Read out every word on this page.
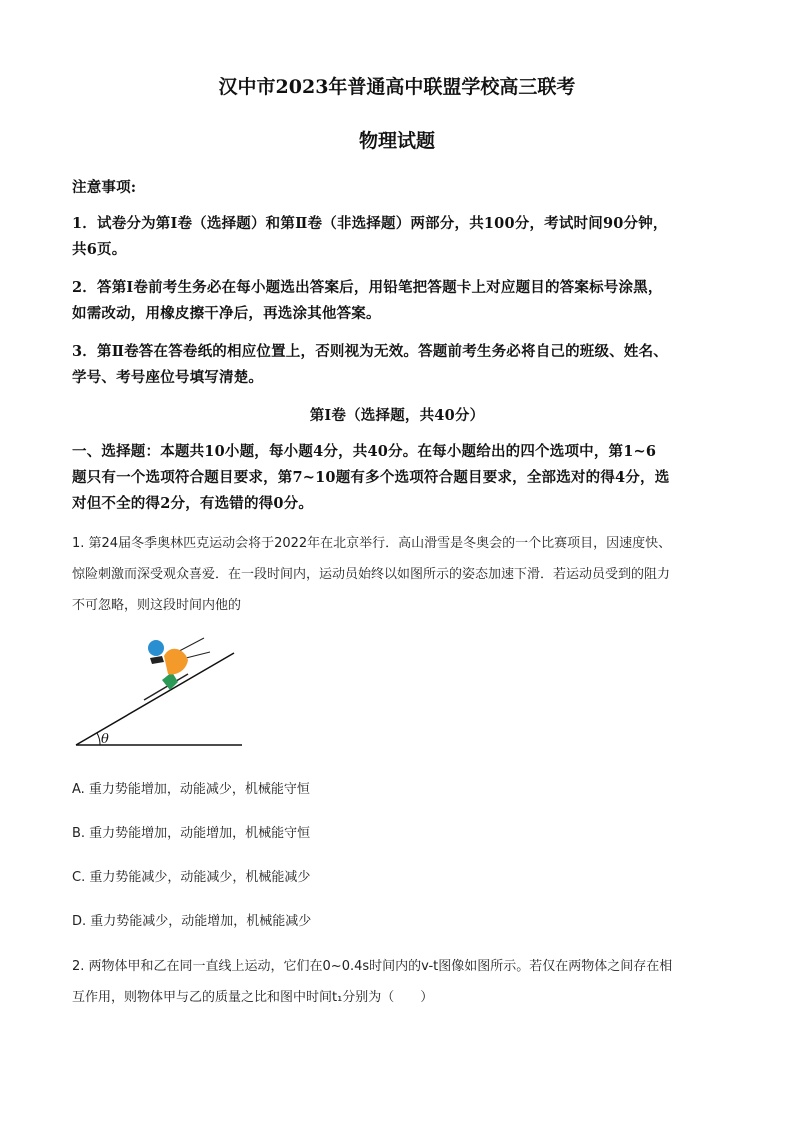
汉中市2023年普通高中联盟学校高三联考
物理试题
注意事项:
1．试卷分为第Ⅰ卷（选择题）和第Ⅱ卷（非选择题）两部分，共100分，考试时间90分钟，
共6页。
2．答第Ⅰ卷前考生务必在每小题选出答案后，用铅笔把答题卡上对应题目的答案标号涂黑，
如需改动，用橡皮擦干净后，再选涂其他答案。
3．第Ⅱ卷答在答卷纸的相应位置上，否则视为无效。答题前考生务必将自己的班级、姓名、
学号、考号座位号填写清楚。
第Ⅰ卷（选择题，共40分）
一、选择题：本题共10小题，每小题4分，共40分。在每小题给出的四个选项中，第1~6
题只有一个选项符合题目要求，第7~10题有多个选项符合题目要求，全部选对的得4分，选
对但不全的得2分，有选错的得0分。
1. 第24届冬季奥林匹克运动会将于2022年在北京举行．高山滑雪是冬奥会的一个比赛项目，因速度快、
惊险刺激而深受观众喜爱．在一段时间内，运动员始终以如图所示的姿态加速下滑．若运动员受到的阻力
不可忽略，则这段时间内他的
θ
A. 重力势能增加，动能减少，机械能守恒
B. 重力势能增加，动能增加，机械能守恒
C. 重力势能减少，动能减少，机械能减少
D. 重力势能减少，动能增加，机械能减少
2. 两物体甲和乙在同一直线上运动，它们在0~0.4s时间内的v-t图像如图所示。若仅在两物体之间存在相
互作用，则物体甲与乙的质量之比和图中时间t₁分别为（　　）
